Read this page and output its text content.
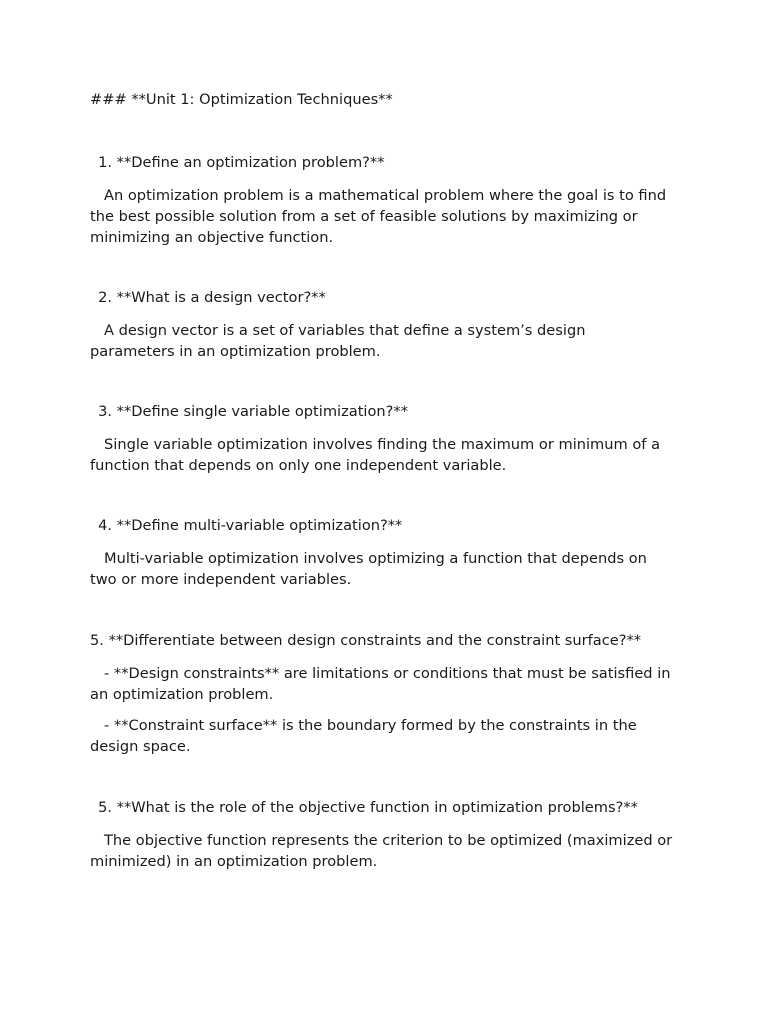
### **Unit 1: Optimization Techniques**
1. **Define an optimization problem?**
An optimization problem is a mathematical problem where the goal is to find the best possible solution from a set of feasible solutions by maximizing or minimizing an objective function.
2. **What is a design vector?**
A design vector is a set of variables that define a system’s design parameters in an optimization problem.
3. **Define single variable optimization?**
Single variable optimization involves finding the maximum or minimum of a function that depends on only one independent variable.
4. **Define multi-variable optimization?**
Multi-variable optimization involves optimizing a function that depends on two or more independent variables.
5. **Differentiate between design constraints and the constraint surface?**
- **Design constraints** are limitations or conditions that must be satisfied in an optimization problem.
- **Constraint surface** is the boundary formed by the constraints in the design space.
5. **What is the role of the objective function in optimization problems?**
The objective function represents the criterion to be optimized (maximized or minimized) in an optimization problem.
